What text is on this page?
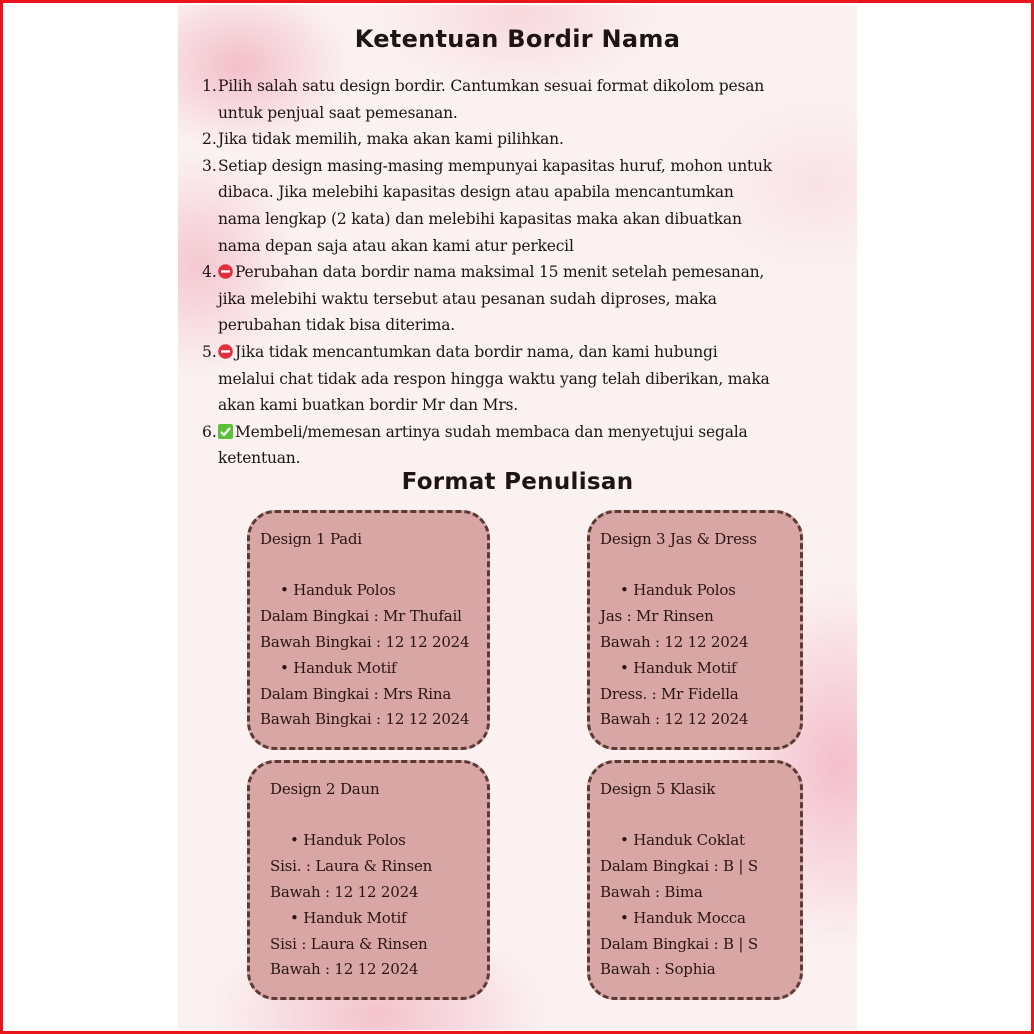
Ketentuan Bordir Nama
1. Pilih salah satu design bordir. Cantumkan sesuai format dikolom pesan
untuk penjual saat pemesanan.
2. Jika tidak memilih, maka akan kami pilihkan.
3. Setiap design masing-masing mempunyai kapasitas huruf, mohon untuk
dibaca. Jika melebihi kapasitas design atau apabila mencantumkan
nama lengkap (2 kata) dan melebihi kapasitas maka akan dibuatkan
nama depan saja atau akan kami atur perkecil
4.	Perubahan data bordir nama maksimal 15 menit setelah pemesanan,
jika melebihi waktu tersebut atau pesanan sudah diproses, maka
perubahan tidak bisa diterima.
5.	Jika tidak mencantumkan data bordir nama, dan kami hubungi
melalui chat tidak ada respon hingga waktu yang telah diberikan, maka
akan kami buatkan bordir Mr dan Mrs.
6.	Membeli/memesan artinya sudah membaca dan menyetujui segala
ketentuan.
Format Penulisan
Design 1 Padi
• Handuk Polos
Dalam Bingkai : Mr Thufail
Bawah Bingkai : 12 12 2024
• Handuk Motif
Dalam Bingkai : Mrs Rina
Bawah Bingkai : 12 12 2024
Design 3 Jas & Dress
• Handuk Polos
Jas : Mr Rinsen
Bawah : 12 12 2024
• Handuk Motif
Dress. : Mr Fidella
Bawah : 12 12 2024
Design 2 Daun
• Handuk Polos
Sisi. : Laura & Rinsen
Bawah : 12 12 2024
• Handuk Motif
Sisi : Laura & Rinsen
Bawah : 12 12 2024
Design 5 Klasik
• Handuk Coklat
Dalam Bingkai : B | S
Bawah : Bima
• Handuk Mocca
Dalam Bingkai : B | S
Bawah : Sophia
